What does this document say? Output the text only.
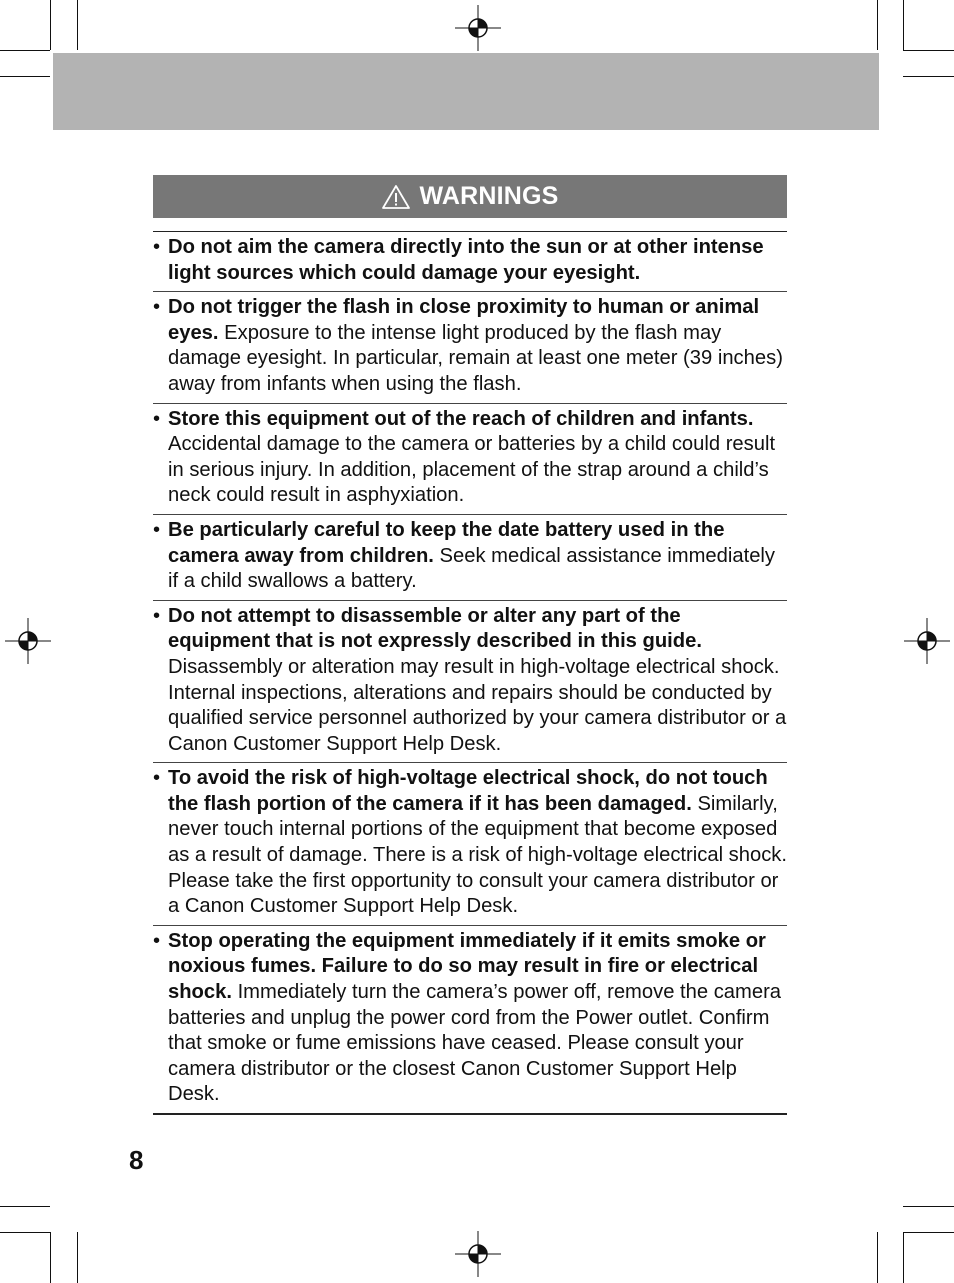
WARNINGS
• Do not aim the camera directly into the sun or at other intense light sources which could damage your eyesight.
• Do not trigger the flash in close proximity to human or animal eyes. Exposure to the intense light produced by the flash may damage eyesight. In particular, remain at least one meter (39 inches) away from infants when using the flash.
• Store this equipment out of the reach of children and infants. Accidental damage to the camera or batteries by a child could result in serious injury. In addition, placement of the strap around a child’s neck could result in asphyxiation.
• Be particularly careful to keep the date battery used in the camera away from children. Seek medical assistance immediately if a child swallows a battery.
• Do not attempt to disassemble or alter any part of the equipment that is not expressly described in this guide. Disassembly or alteration may result in high-voltage electrical shock. Internal inspections, alterations and repairs should be conducted by qualified service personnel authorized by your camera distributor or a Canon Customer Support Help Desk.
• To avoid the risk of high-voltage electrical shock, do not touch the flash portion of the camera if it has been damaged. Similarly, never touch internal portions of the equipment that become exposed as a result of damage. There is a risk of high-voltage electrical shock. Please take the first opportunity to consult your camera distributor or a Canon Customer Support Help Desk.
• Stop operating the equipment immediately if it emits smoke or noxious fumes. Failure to do so may result in fire or electrical shock. Immediately turn the camera’s power off, remove the camera batteries and unplug the power cord from the Power outlet. Confirm that smoke or fume emissions have ceased. Please consult your camera distributor or the closest Canon Customer Support Help Desk.
8
